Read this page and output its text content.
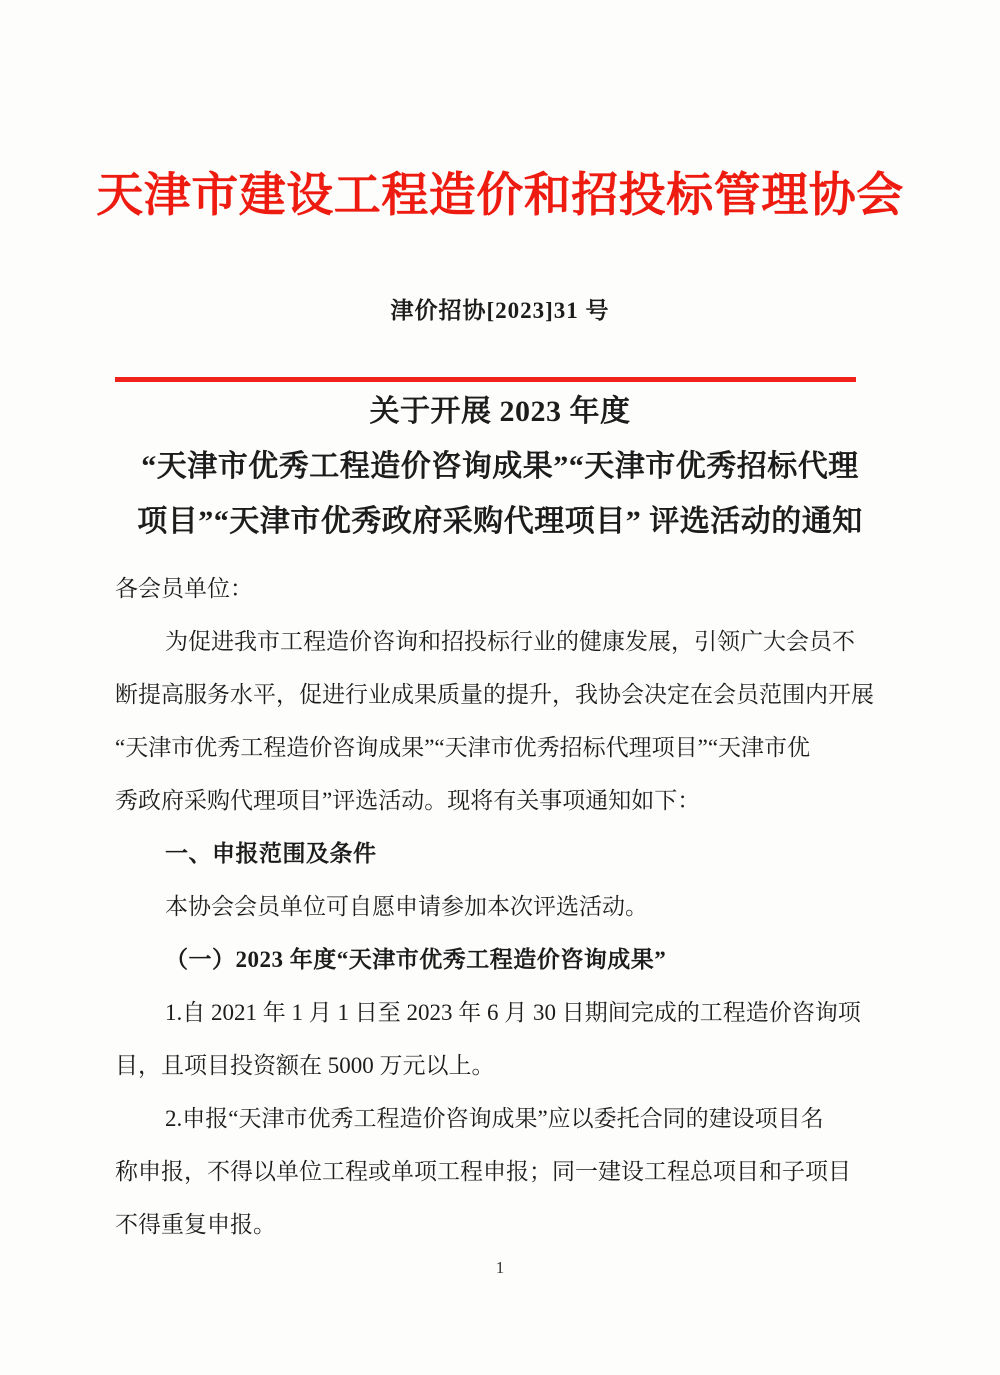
天津市建设工程造价和招投标管理协会
津价招协[2023]31 号
关于开展 2023 年度
“天津市优秀工程造价咨询成果”“天津市优秀招标代理
项目”“天津市优秀政府采购代理项目” 评选活动的通知
各会员单位：
为促进我市工程造价咨询和招投标行业的健康发展，引领广大会员不
断提高服务水平，促进行业成果质量的提升，我协会决定在会员范围内开展
“天津市优秀工程造价咨询成果”“天津市优秀招标代理项目”“天津市优
秀政府采购代理项目”评选活动。现将有关事项通知如下：
一、申报范围及条件
本协会会员单位可自愿申请参加本次评选活动。
（一）2023 年度“天津市优秀工程造价咨询成果”
1.自 2021 年 1 月 1 日至 2023 年 6 月 30 日期间完成的工程造价咨询项
目，且项目投资额在 5000 万元以上。
2.申报“天津市优秀工程造价咨询成果”应以委托合同的建设项目名
称申报，不得以单位工程或单项工程申报；同一建设工程总项目和子项目
不得重复申报。
1
